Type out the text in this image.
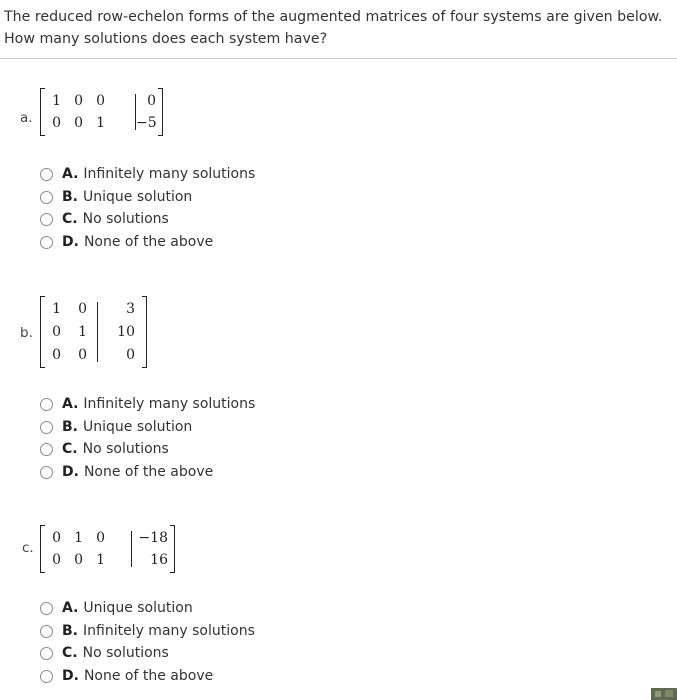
The reduced row-echelon forms of the augmented matrices of four systems are given below. How many solutions does each system have?
a.
1 0 0	0
0 0 1 −5
A. Infinitely many solutions
B. Unique solution
C. No solutions
D. None of the above
b.
1	0	3
0	1	10
0	0	0
A. Infinitely many solutions
B. Unique solution
C. No solutions
D. None of the above
c.
0 1 0	−18
0 0 1	16
A. Unique solution
B. Infinitely many solutions
C. No solutions
D. None of the above
